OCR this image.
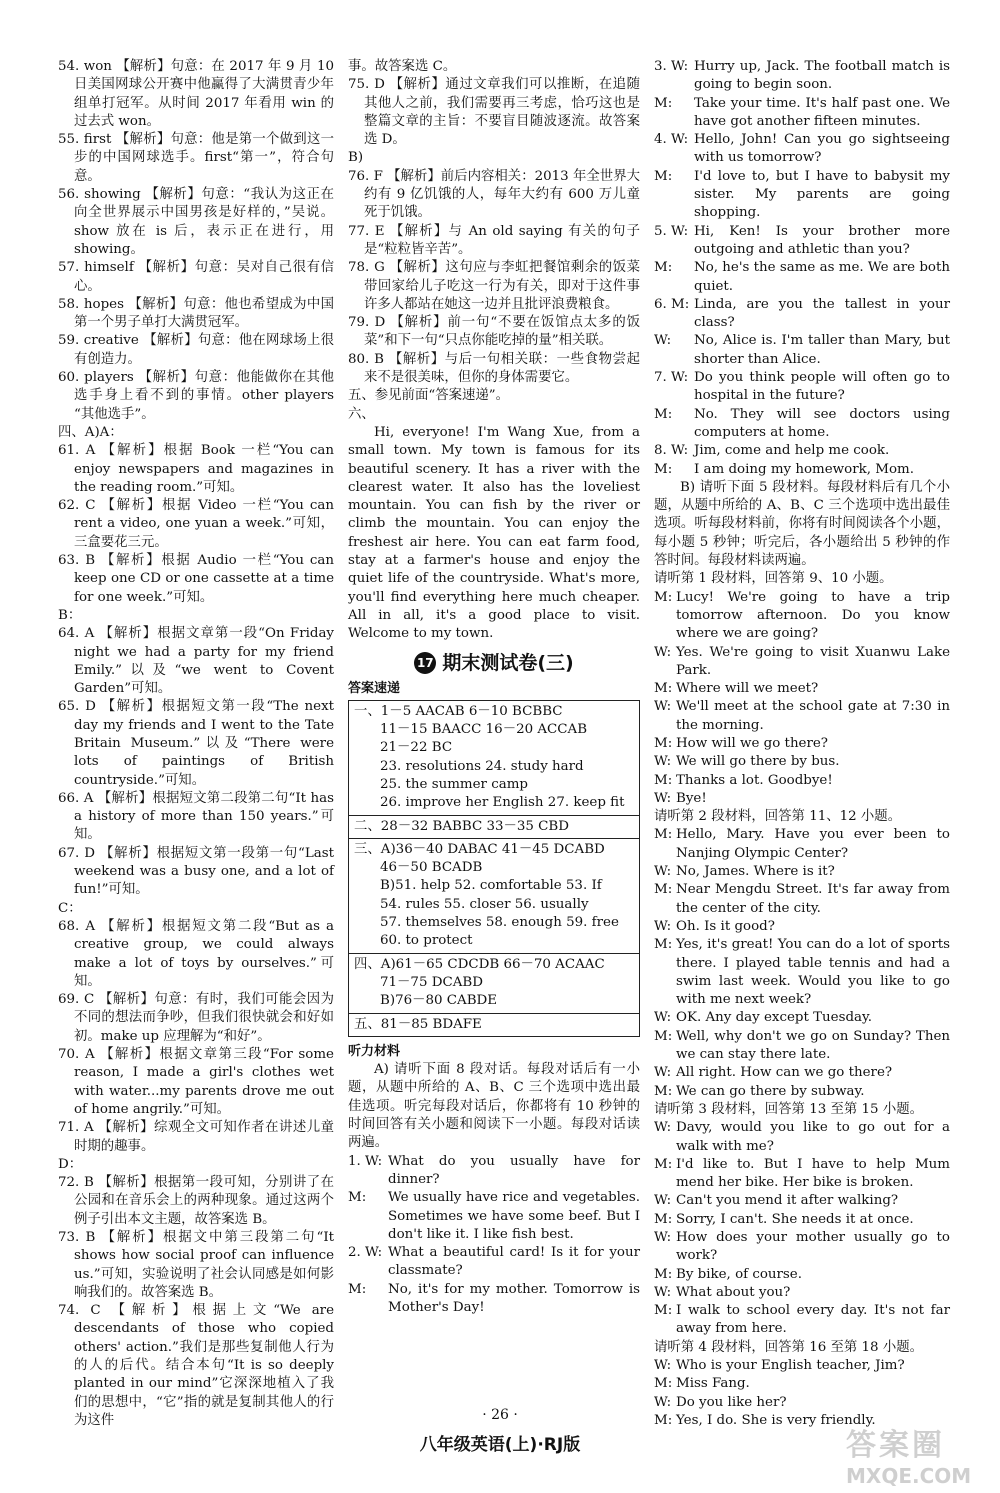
54. won 【解析】句意：在 2017 年 9 月 10 日美国网球公开赛中他赢得了大满贯青少年组单打冠军。从时间 2017 年看用 win 的过去式 won。

55. first 【解析】句意：他是第一个做到这一步的中国网球选手。first“第一”，符合句意。

56. showing 【解析】句意：“我认为这正在向全世界展示中国男孩是好样的，”吴说。show 放在 is 后，表示正在进行，用 showing。

57. himself 【解析】句意：吴对自己很有信心。

58. hopes 【解析】句意：他也希望成为中国第一个男子单打大满贯冠军。

59. creative 【解析】句意：他在网球场上很有创造力。

60. players 【解析】句意：他能做你在其他选手身上看不到的事情。other players “其他选手”。

四、A)A：

61. A 【解析】根据 Book 一栏“You can enjoy newspapers and magazines in the reading room.”可知。

62. C 【解析】根据 Video 一栏“You can rent a video, one yuan a week.”可知，三盒要花三元。

63. B 【解析】根据 Audio 一栏“You can keep one CD or one cassette at a time for one week.”可知。

B：

64. A 【解析】根据文章第一段“On Friday night we had a party for my friend Emily.”以及“we went to Covent Garden”可知。

65. D 【解析】根据短文第一段“The next day my friends and I went to the Tate Britain Museum.”以及“There were lots of paintings of British countryside.”可知。

66. A 【解析】根据短文第二段第二句“It has a history of more than 150 years.”可知。

67. D 【解析】根据短文第一段第一句“Last weekend was a busy one, and a lot of fun!”可知。

C：

68. A 【解析】根据短文第二段“But as a creative group, we could always make a lot of toys by ourselves.”可知。

69. C 【解析】句意：有时，我们可能会因为不同的想法而争吵，但我们很快就会和好如初。make up 应理解为“和好”。

70. A 【解析】根据文章第三段“For some reason, I made a girl's clothes wet with water...my parents drove me out of home angrily.”可知。

71. A 【解析】综观全文可知作者在讲述儿童时期的趣事。

D：

72. B 【解析】根据第一段可知，分别讲了在公园和在音乐会上的两种现象。通过这两个例子引出本文主题，故答案选 B。

73. B 【解析】根据文中第三段第二句“It shows how social proof can influence us.”可知，实验说明了社会认同感是如何影响我们的。故答案选 B。

74. C 【解析】根据上文“We are descendants of those who copied others' action.”我们是那些复制他人行为的人的后代。结合本句“It is so deeply planted in our mind”它深深地植入了我们的思想中，“它”指的就是复制其他人的行为这件

事。故答案选 C。

75. D 【解析】通过文章我们可以推断，在追随其他人之前，我们需要再三考虑，恰巧这也是整篇文章的主旨：不要盲目随波逐流。故答案选 D。

B)

76. F 【解析】前后内容相关：2013 年全世界大约有 9 亿饥饿的人，每年大约有 600 万儿童死于饥饿。

77. E 【解析】与 An old saying 有关的句子是“粒粒皆辛苦”。

78. G 【解析】这句应与李虹把餐馆剩余的饭菜带回家给儿子吃这一行为有关，即对于这件事许多人都站在她这一边并且批评浪费粮食。

79. D 【解析】前一句“不要在饭馆点太多的饭菜”和下一句“只点你能吃掉的量”相关联。

80. B 【解析】与后一句相关联：一些食物尝起来不是很美味，但你的身体需要它。

五、参见前面“答案速递”。

六、

Hi, everyone! I'm Wang Xue, from a small town. My town is famous for its beautiful scenery. It has a river with the clearest water. It also has the loveliest mountain. You can fish by the river or climb the mountain. You can enjoy the freshest air here. You can eat farm food, stay at a farmer's house and enjoy the quiet life of the countryside. What's more, you'll find everything here much cheaper. All in all, it's a good place to visit. Welcome to my town.

17 期末测试卷(三)

答案速递

一、1－5 AACAB 6－10 BCBBC

11－15 BAACC 16－20 ACCAB

21－22 BC

23. resolutions 24. study hard

25. the summer camp

26. improve her English 27. keep fit

二、28－32 BABBC 33－35 CBD

三、A)36－40 DABAC 41－45 DCABD

46－50 BCADB

B)51. help 52. comfortable 53. If

54. rules 55. closer 56. usually

57. themselves 58. enough 59. free

60. to protect

四、A)61－65 CDCDB 66－70 ACAAC

71－75 DCABD

B)76－80 CABDE

五、81－85 BDAFE

听力材料

A) 请听下面 8 段对话。每段对话后有一小题，从题中所给的 A、B、C 三个选项中选出最佳选项。听完每段对话后，你都将有 10 秒钟的时间回答有关小题和阅读下一小题。每段对话读两遍。

1. W: What do you usually have for dinner?
M:	We usually have rice and vegetables. Sometimes we have some beef. But I don't like it. I like fish best.
2. W: What a beautiful card! Is it for your classmate?
M:	No, it's for my mother. Tomorrow is Mother's Day!
3. W: Hurry up, Jack. The football match is going to begin soon.
M:	Take your time. It's half past one. We have got another fifteen minutes.
4. W: Hello, John! Can you go sightseeing with us tomorrow?
M:	I'd love to, but I have to babysit my sister. My parents are going shopping.
5. W: Hi, Ken! Is your brother more outgoing and athletic than you?
M:	No, he's the same as me. We are both quiet.
6. M: Linda, are you the tallest in your class?
W:	No, Alice is. I'm taller than Mary, but shorter than Alice.
7. W: Do you think people will often go to hospital in the future?
M:	No. They will see doctors using computers at home.
8. W: Jim, come and help me cook.
M:	I am doing my homework, Mom.

B) 请听下面 5 段材料。每段材料后有几个小题，从题中所给的 A、B、C 三个选项中选出最佳选项。听每段材料前，你将有时间阅读各个小题，每小题 5 秒钟；听完后，各小题给出 5 秒钟的作答时间。每段材料读两遍。

请听第 1 段材料，回答第 9、10 小题。

M: Lucy! We're going to have a trip tomorrow afternoon. Do you know where we are going?
W: Yes. We're going to visit Xuanwu Lake Park.
M: Where will we meet?
W: We'll meet at the school gate at 7:30 in the morning.
M: How will we go there?
W: We will go there by bus.
M: Thanks a lot. Goodbye!
W: Bye!

请听第 2 段材料，回答第 11、12 小题。

M: Hello, Mary. Have you ever been to Nanjing Olympic Center?
W: No, James. Where is it?
M: Near Mengdu Street. It's far away from the center of the city.
W: Oh. Is it good?
M: Yes, it's great! You can do a lot of sports there. I played table tennis and had a swim last week. Would you like to go with me next week?
W: OK. Any day except Tuesday.
M: Well, why don't we go on Sunday? Then we can stay there late.
W: All right. How can we go there?
M: We can go there by subway.

请听第 3 段材料，回答第 13 至第 15 小题。

W: Davy, would you like to go out for a walk with me?
M: I'd like to. But I have to help Mum mend her bike. Her bike is broken.
W: Can't you mend it after walking?
M: Sorry, I can't. She needs it at once.
W: How does your mother usually go to work?
M: By bike, of course.
W: What about you?
M: I walk to school every day. It's not far away from here.

请听第 4 段材料，回答第 16 至第 18 小题。

W: Who is your English teacher, Jim?
M: Miss Fang.
W: Do you like her?
M: Yes, I do. She is very friendly.
· 26 ·
八年级英语(上)·RJ版	答案圈
MXQE.COM
